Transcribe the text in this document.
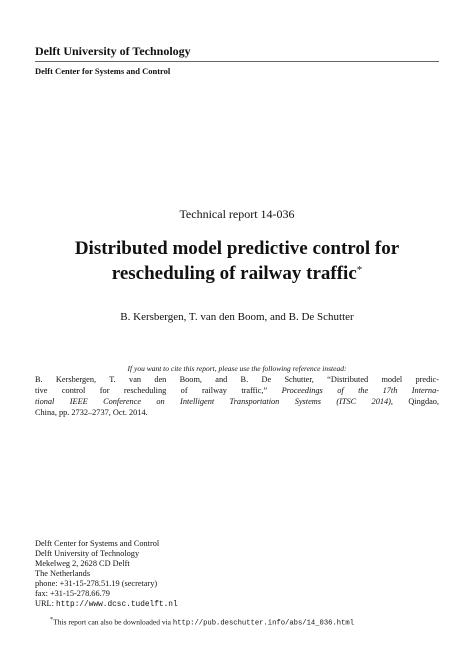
Delft University of Technology
Delft Center for Systems and Control
Technical report 14-036
Distributed model predictive control for
rescheduling of railway traffic*
B. Kersbergen, T. van den Boom, and B. De Schutter
If you want to cite this report, please use the following reference instead:
B. Kersbergen, T. van den Boom, and B. De Schutter, “Distributed model predic-
tive control for rescheduling of railway traffic,” Proceedings of the 17th Interna-
tional IEEE Conference on Intelligent Transportation Systems (ITSC 2014), Qingdao,
China, pp. 2732–2737, Oct. 2014.
Delft Center for Systems and Control
Delft University of Technology
Mekelweg 2, 2628 CD Delft
The Netherlands
phone: +31-15-278.51.19 (secretary)
fax: +31-15-278.66.79
URL: http://www.dcsc.tudelft.nl
*This report can also be downloaded via http://pub.deschutter.info/abs/14_036.html
